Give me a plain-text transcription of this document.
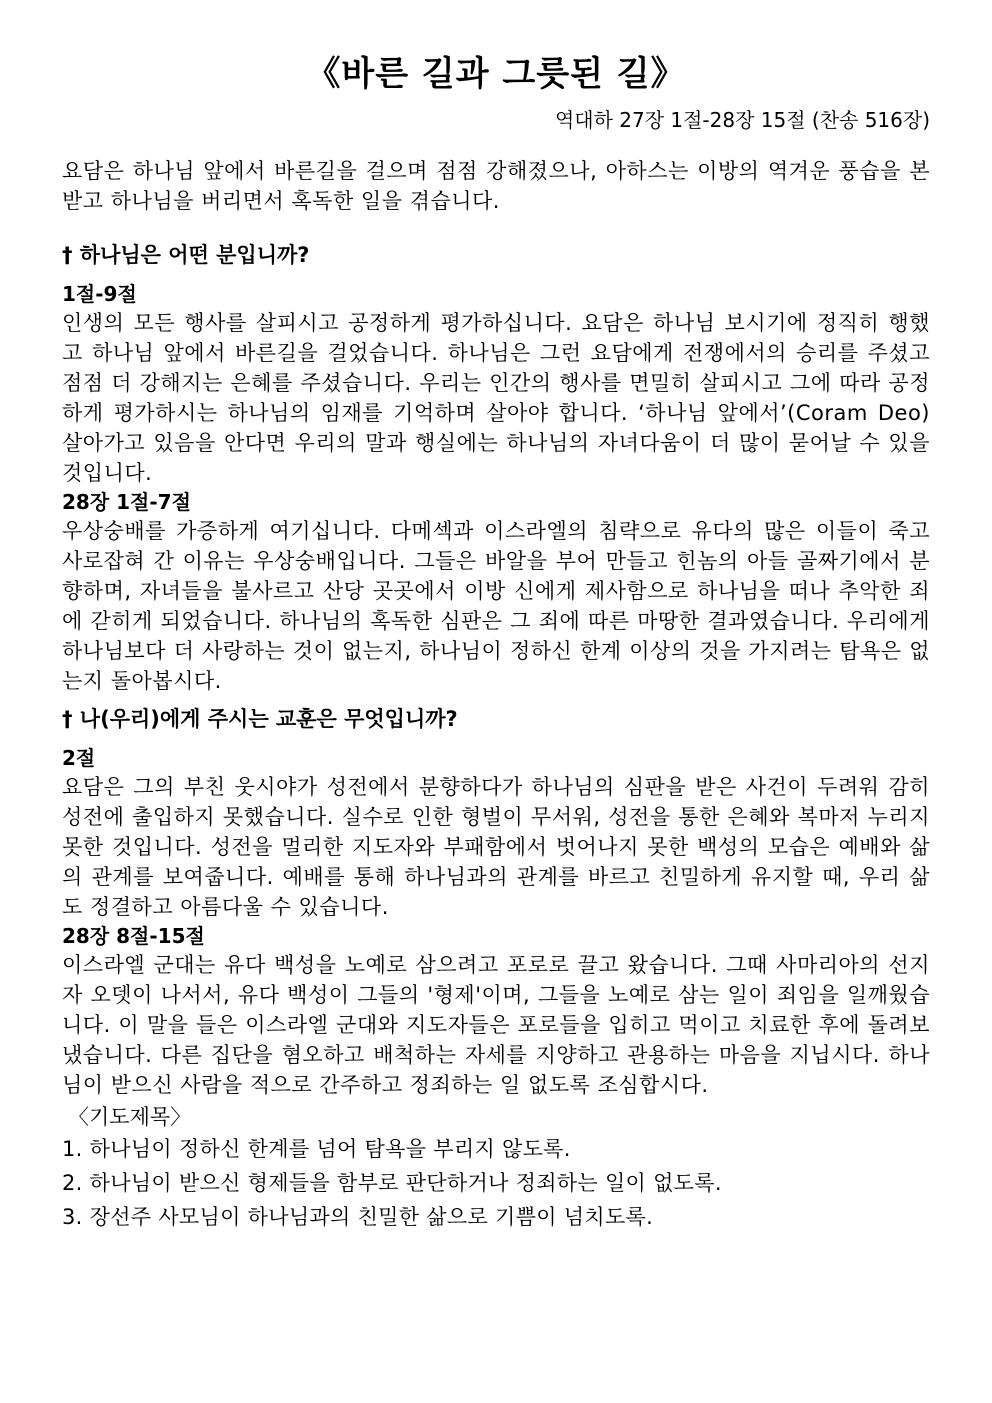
《바른 길과 그릇된 길》
역대하 27장 1절-28장 15절 (찬송 516장)

요담은 하나님 앞에서 바른길을 걸으며 점점 강해졌으나, 아하스는 이방의 역겨운 풍습을 본받고 하나님을 버리면서 혹독한 일을 겪습니다.

† 하나님은 어떤 분입니까?

1절-9절

인생의 모든 행사를 살피시고 공정하게 평가하십니다. 요담은 하나님 보시기에 정직히 행했고 하나님 앞에서 바른길을 걸었습니다. 하나님은 그런 요담에게 전쟁에서의 승리를 주셨고 점점 더 강해지는 은혜를 주셨습니다. 우리는 인간의 행사를 면밀히 살피시고 그에 따라 공정하게 평가하시는 하나님의 임재를 기억하며 살아야 합니다. ‘하나님 앞에서’(Coram Deo) 살아가고 있음을 안다면 우리의 말과 행실에는 하나님의 자녀다움이 더 많이 묻어날 수 있을 것입니다.

28장 1절-7절

우상숭배를 가증하게 여기십니다. 다메섹과 이스라엘의 침략으로 유다의 많은 이들이 죽고 사로잡혀 간 이유는 우상숭배입니다. 그들은 바알을 부어 만들고 힌놈의 아들 골짜기에서 분향하며, 자녀들을 불사르고 산당 곳곳에서 이방 신에게 제사함으로 하나님을 떠나 추악한 죄에 갇히게 되었습니다. 하나님의 혹독한 심판은 그 죄에 따른 마땅한 결과였습니다. 우리에게 하나님보다 더 사랑하는 것이 없는지, 하나님이 정하신 한계 이상의 것을 가지려는 탐욕은 없는지 돌아봅시다.

† 나(우리)에게 주시는 교훈은 무엇입니까?

2절

요담은 그의 부친 웃시야가 성전에서 분향하다가 하나님의 심판을 받은 사건이 두려워 감히 성전에 출입하지 못했습니다. 실수로 인한 형벌이 무서워, 성전을 통한 은혜와 복마저 누리지 못한 것입니다. 성전을 멀리한 지도자와 부패함에서 벗어나지 못한 백성의 모습은 예배와 삶의 관계를 보여줍니다. 예배를 통해 하나님과의 관계를 바르고 친밀하게 유지할 때, 우리 삶도 정결하고 아름다울 수 있습니다.

28장 8절-15절

이스라엘 군대는 유다 백성을 노예로 삼으려고 포로로 끌고 왔습니다. 그때 사마리아의 선지자 오뎃이 나서서, 유다 백성이 그들의 '형제'이며, 그들을 노예로 삼는 일이 죄임을 일깨웠습니다. 이 말을 들은 이스라엘 군대와 지도자들은 포로들을 입히고 먹이고 치료한 후에 돌려보냈습니다. 다른 집단을 혐오하고 배척하는 자세를 지양하고 관용하는 마음을 지닙시다. 하나님이 받으신 사람을 적으로 간주하고 정죄하는 일 없도록 조심합시다.

〈기도제목〉

1. 하나님이 정하신 한계를 넘어 탐욕을 부리지 않도록.

2. 하나님이 받으신 형제들을 함부로 판단하거나 정죄하는 일이 없도록.

3. 장선주 사모님이 하나님과의 친밀한 삶으로 기쁨이 넘치도록.
